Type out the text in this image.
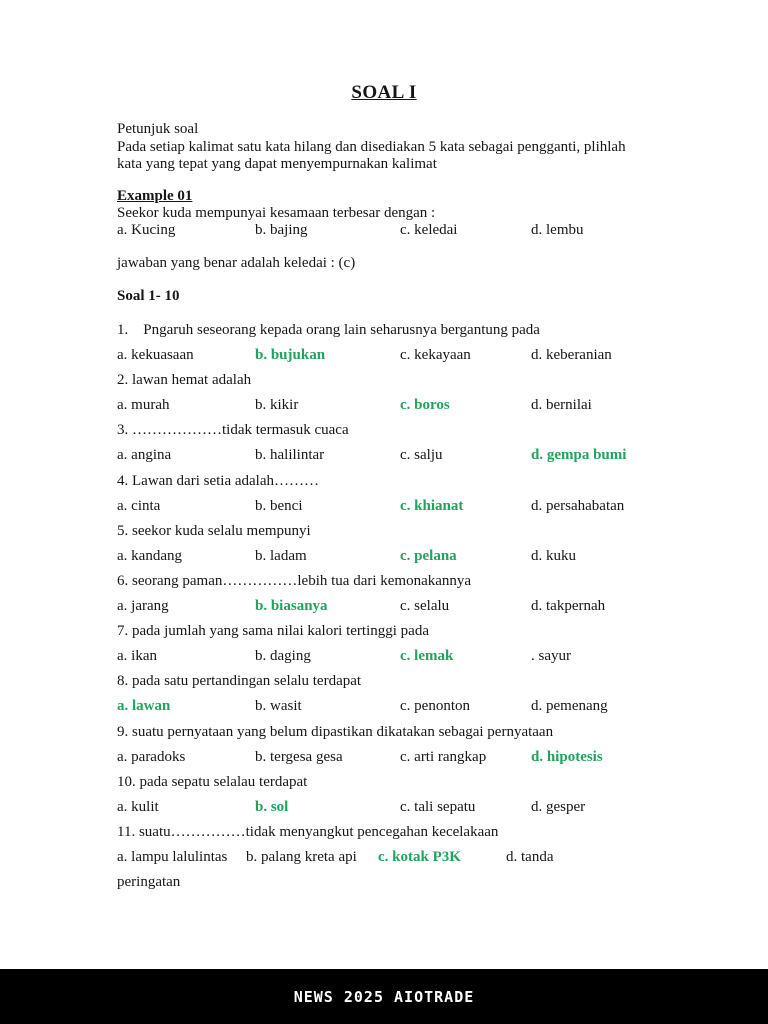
SOAL I
Petunjuk soal
Pada setiap kalimat satu kata hilang dan disediakan 5 kata sebagai pengganti, plihlah
kata yang tepat yang dapat menyempurnakan kalimat
Example 01
Seekor kuda mempunyai kesamaan terbesar dengan :
a. Kucing	b. bajing	c. keledai	d. lembu
jawaban yang benar adalah keledai : (c)
Soal 1- 10
1.    Pngaruh seseorang kepada orang lain seharusnya bergantung pada
a. kekuasaan	b. bujukan	c. kekayaan	d. keberanian
2. lawan hemat adalah
a. murah	b. kikir	c. boros	d. bernilai
3. ………………tidak termasuk cuaca
a. angina	b. halilintar	c. salju	d. gempa bumi
4. Lawan dari setia adalah………
a. cinta	b. benci	c. khianat	d. persahabatan
5. seekor kuda selalu mempunyi
a. kandang	b. ladam	c. pelana	d. kuku
6. seorang paman……………lebih tua dari kemonakannya
a. jarang	b. biasanya	c. selalu	d. takpernah
7. pada jumlah yang sama nilai kalori tertinggi pada
a. ikan	b. daging	c. lemak	. sayur
8. pada satu pertandingan selalu terdapat
a. lawan	b. wasit	c. penonton	d. pemenang
9. suatu pernyataan yang belum dipastikan dikatakan sebagai pernyataan
a. paradoks	b. tergesa gesa	c. arti rangkap	d. hipotesis
10. pada sepatu selalau terdapat
a. kulit	b. sol	c. tali sepatu	d. gesper
11. suatu……………tidak menyangkut pencegahan kecelakaan
a. lampu lalulintas b. palang kreta api c. kotak P3K	d. tanda
peringatan
NEWS 2025 AIOTRADE
